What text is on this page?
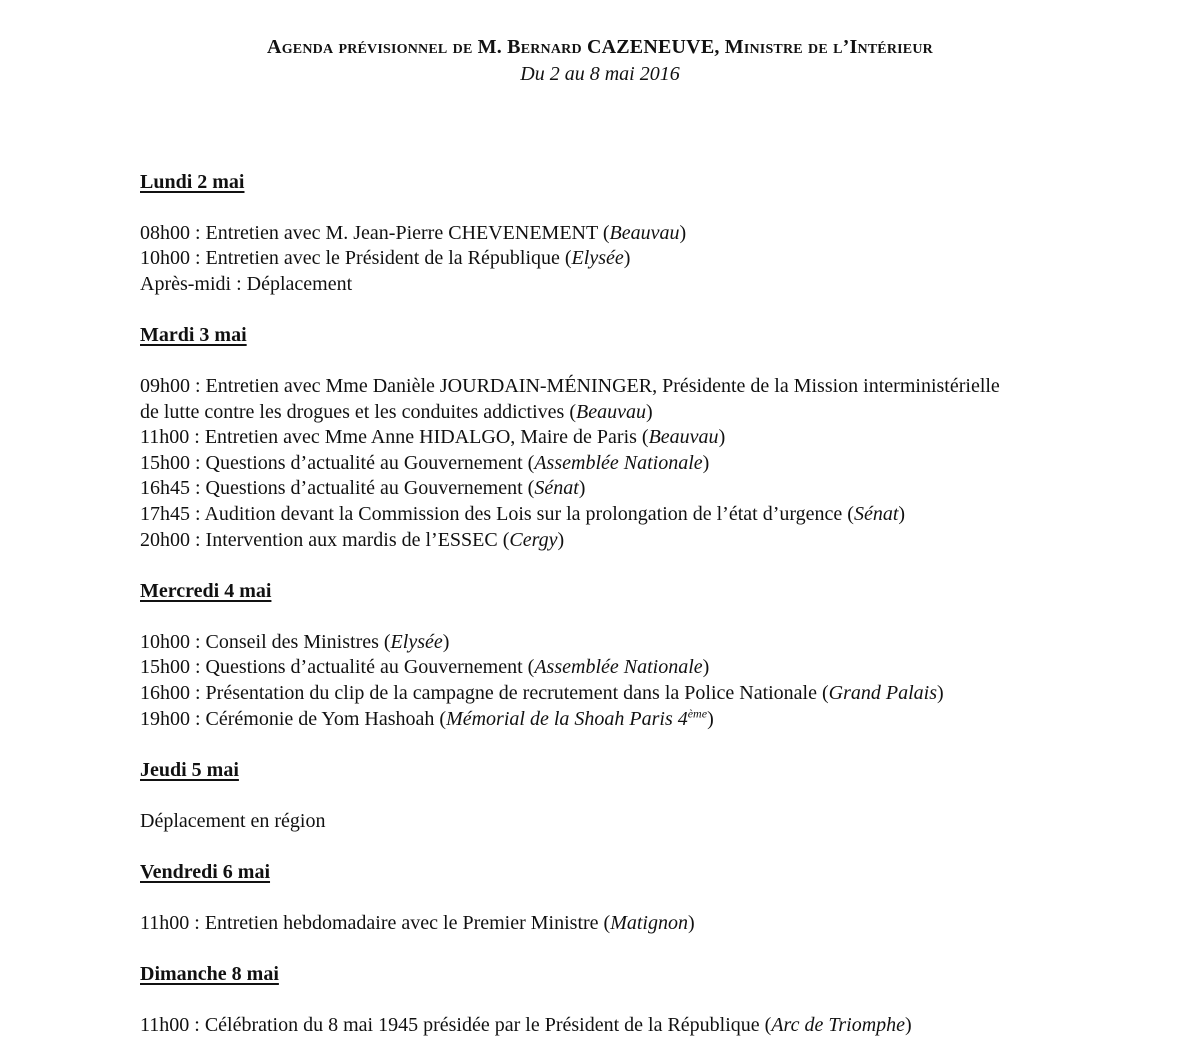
Agenda prévisionnel de M. Bernard CAZENEUVE, Ministre de l’Intérieur
Du 2 au 8 mai 2016
Lundi 2 mai
08h00 : Entretien avec M. Jean-Pierre CHEVENEMENT (Beauvau)
10h00 : Entretien avec le Président de la République (Elysée)
Après-midi : Déplacement
Mardi 3 mai
09h00 : Entretien avec Mme Danièle JOURDAIN-MÉNINGER, Présidente de la Mission interministérielle
de lutte contre les drogues et les conduites addictives (Beauvau)
11h00 : Entretien avec Mme Anne HIDALGO, Maire de Paris (Beauvau)
15h00 : Questions d’actualité au Gouvernement (Assemblée Nationale)
16h45 : Questions d’actualité au Gouvernement (Sénat)
17h45 : Audition devant la Commission des Lois sur la prolongation de l’état d’urgence (Sénat)
20h00 : Intervention aux mardis de l’ESSEC (Cergy)
Mercredi 4 mai
10h00 : Conseil des Ministres (Elysée)
15h00 : Questions d’actualité au Gouvernement (Assemblée Nationale)
16h00 : Présentation du clip de la campagne de recrutement dans la Police Nationale (Grand Palais)
19h00 : Cérémonie de Yom Hashoah (Mémorial de la Shoah Paris 4ème)
Jeudi 5 mai
Déplacement en région
Vendredi 6 mai
11h00 : Entretien hebdomadaire avec le Premier Ministre (Matignon)
Dimanche 8 mai
11h00 : Célébration du 8 mai 1945 présidée par le Président de la République (Arc de Triomphe)
